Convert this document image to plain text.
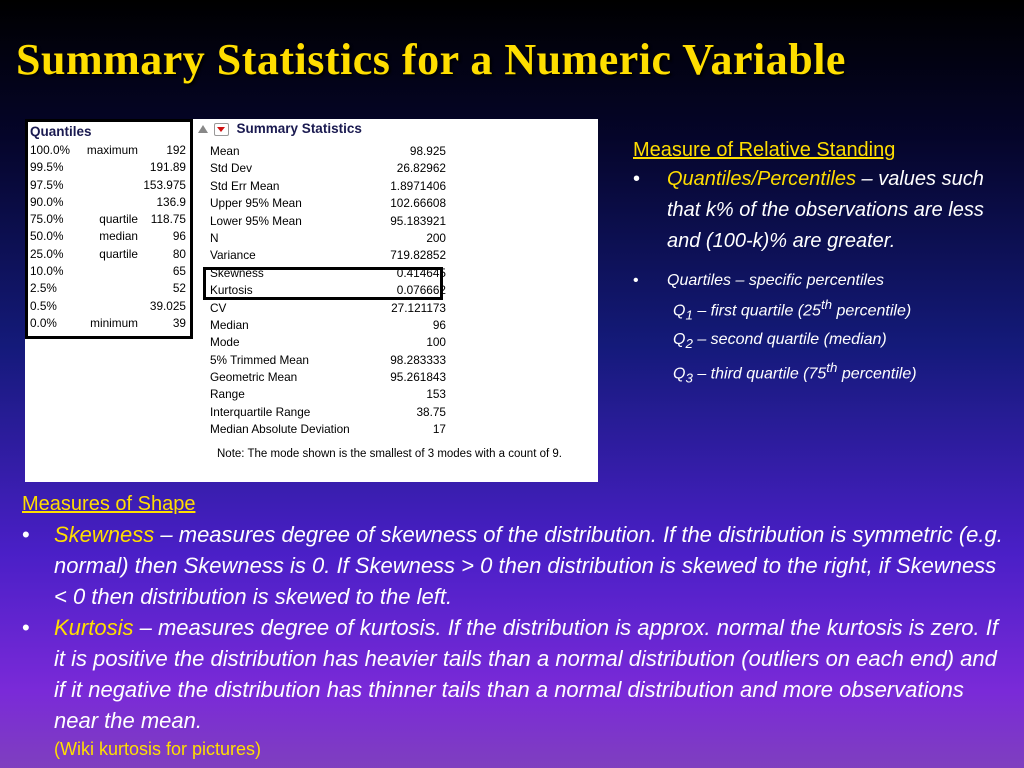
Summary Statistics for a Numeric Variable
Quantiles
100.0%	maximum 192
99.5%	191.89
97.5%	153.975
90.0%	136.9
75.0%	quartile 118.75
50.0%	median	96
25.0%	quartile	80
10.0%	65
2.5%	52
0.5%	39.025
0.0%	minimum	39
Summary Statistics
Mean	98.925
Std Dev	26.82962
Std Err Mean	1.8971406
Upper 95% Mean	102.66608
Lower 95% Mean	95.183921
N	200
Variance	719.82852
Skewness	0.414645
Kurtosis	0.076662
CV	27.121173
Median	96
Mode	100
5% Trimmed Mean	98.283333
Geometric Mean	95.261843
Range	153
Interquartile Range	38.75
Median Absolute Deviation	17
Note: The mode shown is the smallest of 3 modes with a count of 9.
Measure of Relative Standing
• Quantiles/Percentiles – values such that k% of the observations are less and (100-k)% are greater.
• Quartiles – specific percentiles
$Q_1$ – first quartile (25th percentile)
$Q_2$ – second quartile (median)
$Q_3$ – third quartile (75th percentile)
Measures of Shape
• Skewness – measures degree of skewness of the distribution. If the distribution is symmetric (e.g. normal) then Skewness is 0. If Skewness > 0 then distribution is skewed to the right, if Skewness < 0 then distribution is skewed to the left.
• Kurtosis – measures degree of kurtosis. If the distribution is approx. normal the kurtosis is zero. If it is positive the distribution has heavier tails than a normal distribution (outliers on each end) and if it negative the distribution has thinner tails than a normal distribution and more observations near the mean.
(Wiki kurtosis for pictures)
